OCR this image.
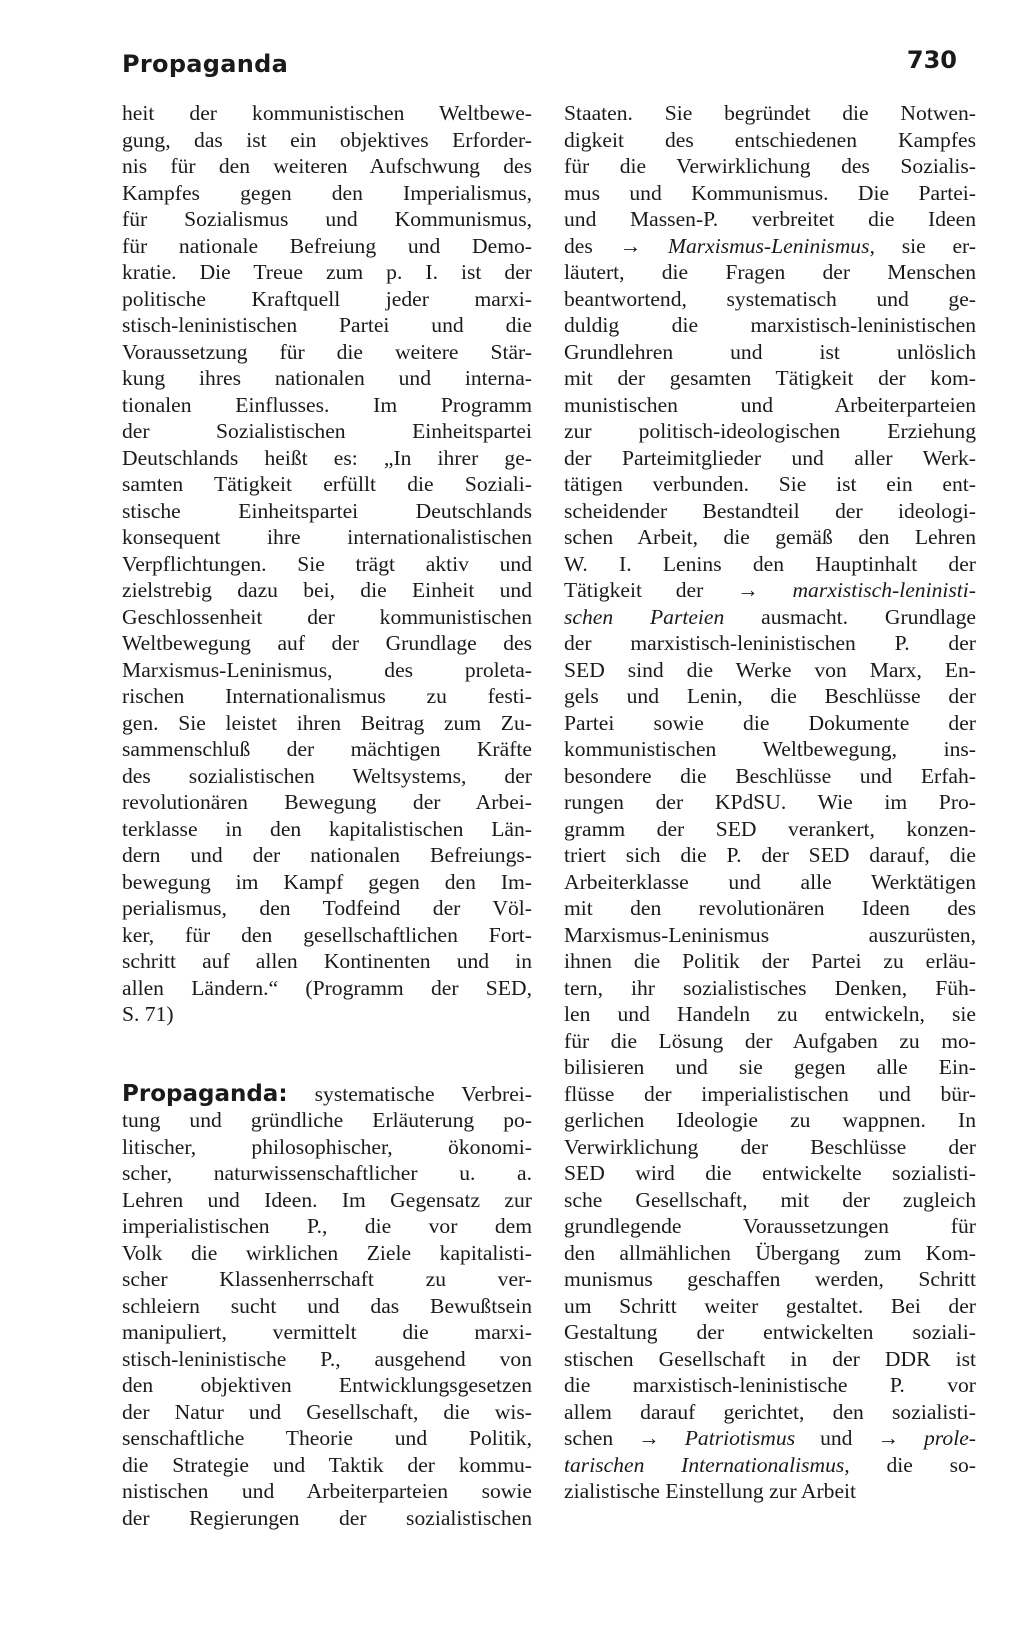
Propaganda	730
heit der kommunistischen Weltbewe-
gung, das ist ein objektives Erforder-
nis für den weiteren Aufschwung des
Kampfes gegen den Imperialismus,
für Sozialismus und Kommunismus,
für nationale Befreiung und Demo-
kratie. Die Treue zum p. I. ist der
politische Kraftquell jeder marxi-
stisch-leninistischen Partei und die
Voraussetzung für die weitere Stär-
kung ihres nationalen und interna-
tionalen Einflusses. Im Programm
der Sozialistischen Einheitspartei
Deutschlands heißt es: „In ihrer ge-
samten Tätigkeit erfüllt die Soziali-
stische Einheitspartei Deutschlands
konsequent ihre internationalistischen
Verpflichtungen. Sie trägt aktiv und
zielstrebig dazu bei, die Einheit und
Geschlossenheit der kommunistischen
Weltbewegung auf der Grundlage des
Marxismus-Leninismus, des proleta-
rischen Internationalismus zu festi-
gen. Sie leistet ihren Beitrag zum Zu-
sammenschluß der mächtigen Kräfte
des sozialistischen Weltsystems, der
revolutionären Bewegung der Arbei-
terklasse in den kapitalistischen Län-
dern und der nationalen Befreiungs-
bewegung im Kampf gegen den Im-
perialismus, den Todfeind der Völ-
ker, für den gesellschaftlichen Fort-
schritt auf allen Kontinenten und in
allen Ländern.“ (Programm der SED,
S. 71)
Propaganda: systematische Verbrei-
tung und gründliche Erläuterung po-
litischer, philosophischer, ökonomi-
scher, naturwissenschaftlicher u. a.
Lehren und Ideen. Im Gegensatz zur
imperialistischen P., die vor dem
Volk die wirklichen Ziele kapitalisti-
scher Klassenherrschaft zu ver-
schleiern sucht und das Bewußtsein
manipuliert, vermittelt die marxi-
stisch-leninistische P., ausgehend von
den objektiven Entwicklungsgesetzen
der Natur und Gesellschaft, die wis-
senschaftliche Theorie und Politik,
die Strategie und Taktik der kommu-
nistischen und Arbeiterparteien sowie
der Regierungen der sozialistischen
Staaten. Sie begründet die Notwen-
digkeit des entschiedenen Kampfes
für die Verwirklichung des Sozialis-
mus und Kommunismus. Die Partei-
und Massen-P. verbreitet die Ideen
des → Marxismus-Leninismus, sie er-
läutert, die Fragen der Menschen
beantwortend, systematisch und ge-
duldig die marxistisch-leninistischen
Grundlehren und ist unlöslich
mit der gesamten Tätigkeit der kom-
munistischen und Arbeiterparteien
zur politisch-ideologischen Erziehung
der Parteimitglieder und aller Werk-
tätigen verbunden. Sie ist ein ent-
scheidender Bestandteil der ideologi-
schen Arbeit, die gemäß den Lehren
W. I. Lenins den Hauptinhalt der
Tätigkeit der → marxistisch-leninisti-
schen Parteien ausmacht. Grundlage
der marxistisch-leninistischen P. der
SED sind die Werke von Marx, En-
gels und Lenin, die Beschlüsse der
Partei sowie die Dokumente der
kommunistischen Weltbewegung, ins-
besondere die Beschlüsse und Erfah-
rungen der KPdSU. Wie im Pro-
gramm der SED verankert, konzen-
triert sich die P. der SED darauf, die
Arbeiterklasse und alle Werktätigen
mit den revolutionären Ideen des
Marxismus-Leninismus auszurüsten,
ihnen die Politik der Partei zu erläu-
tern, ihr sozialistisches Denken, Füh-
len und Handeln zu entwickeln, sie
für die Lösung der Aufgaben zu mo-
bilisieren und sie gegen alle Ein-
flüsse der imperialistischen und bür-
gerlichen Ideologie zu wappnen. In
Verwirklichung der Beschlüsse der
SED wird die entwickelte sozialisti-
sche Gesellschaft, mit der zugleich
grundlegende Voraussetzungen für
den allmählichen Übergang zum Kom-
munismus geschaffen werden, Schritt
um Schritt weiter gestaltet. Bei der
Gestaltung der entwickelten soziali-
stischen Gesellschaft in der DDR ist
die marxistisch-leninistische P. vor
allem darauf gerichtet, den sozialisti-
schen → Patriotismus und → prole-
tarischen Internationalismus, die so-
zialistische Einstellung zur Arbeit
